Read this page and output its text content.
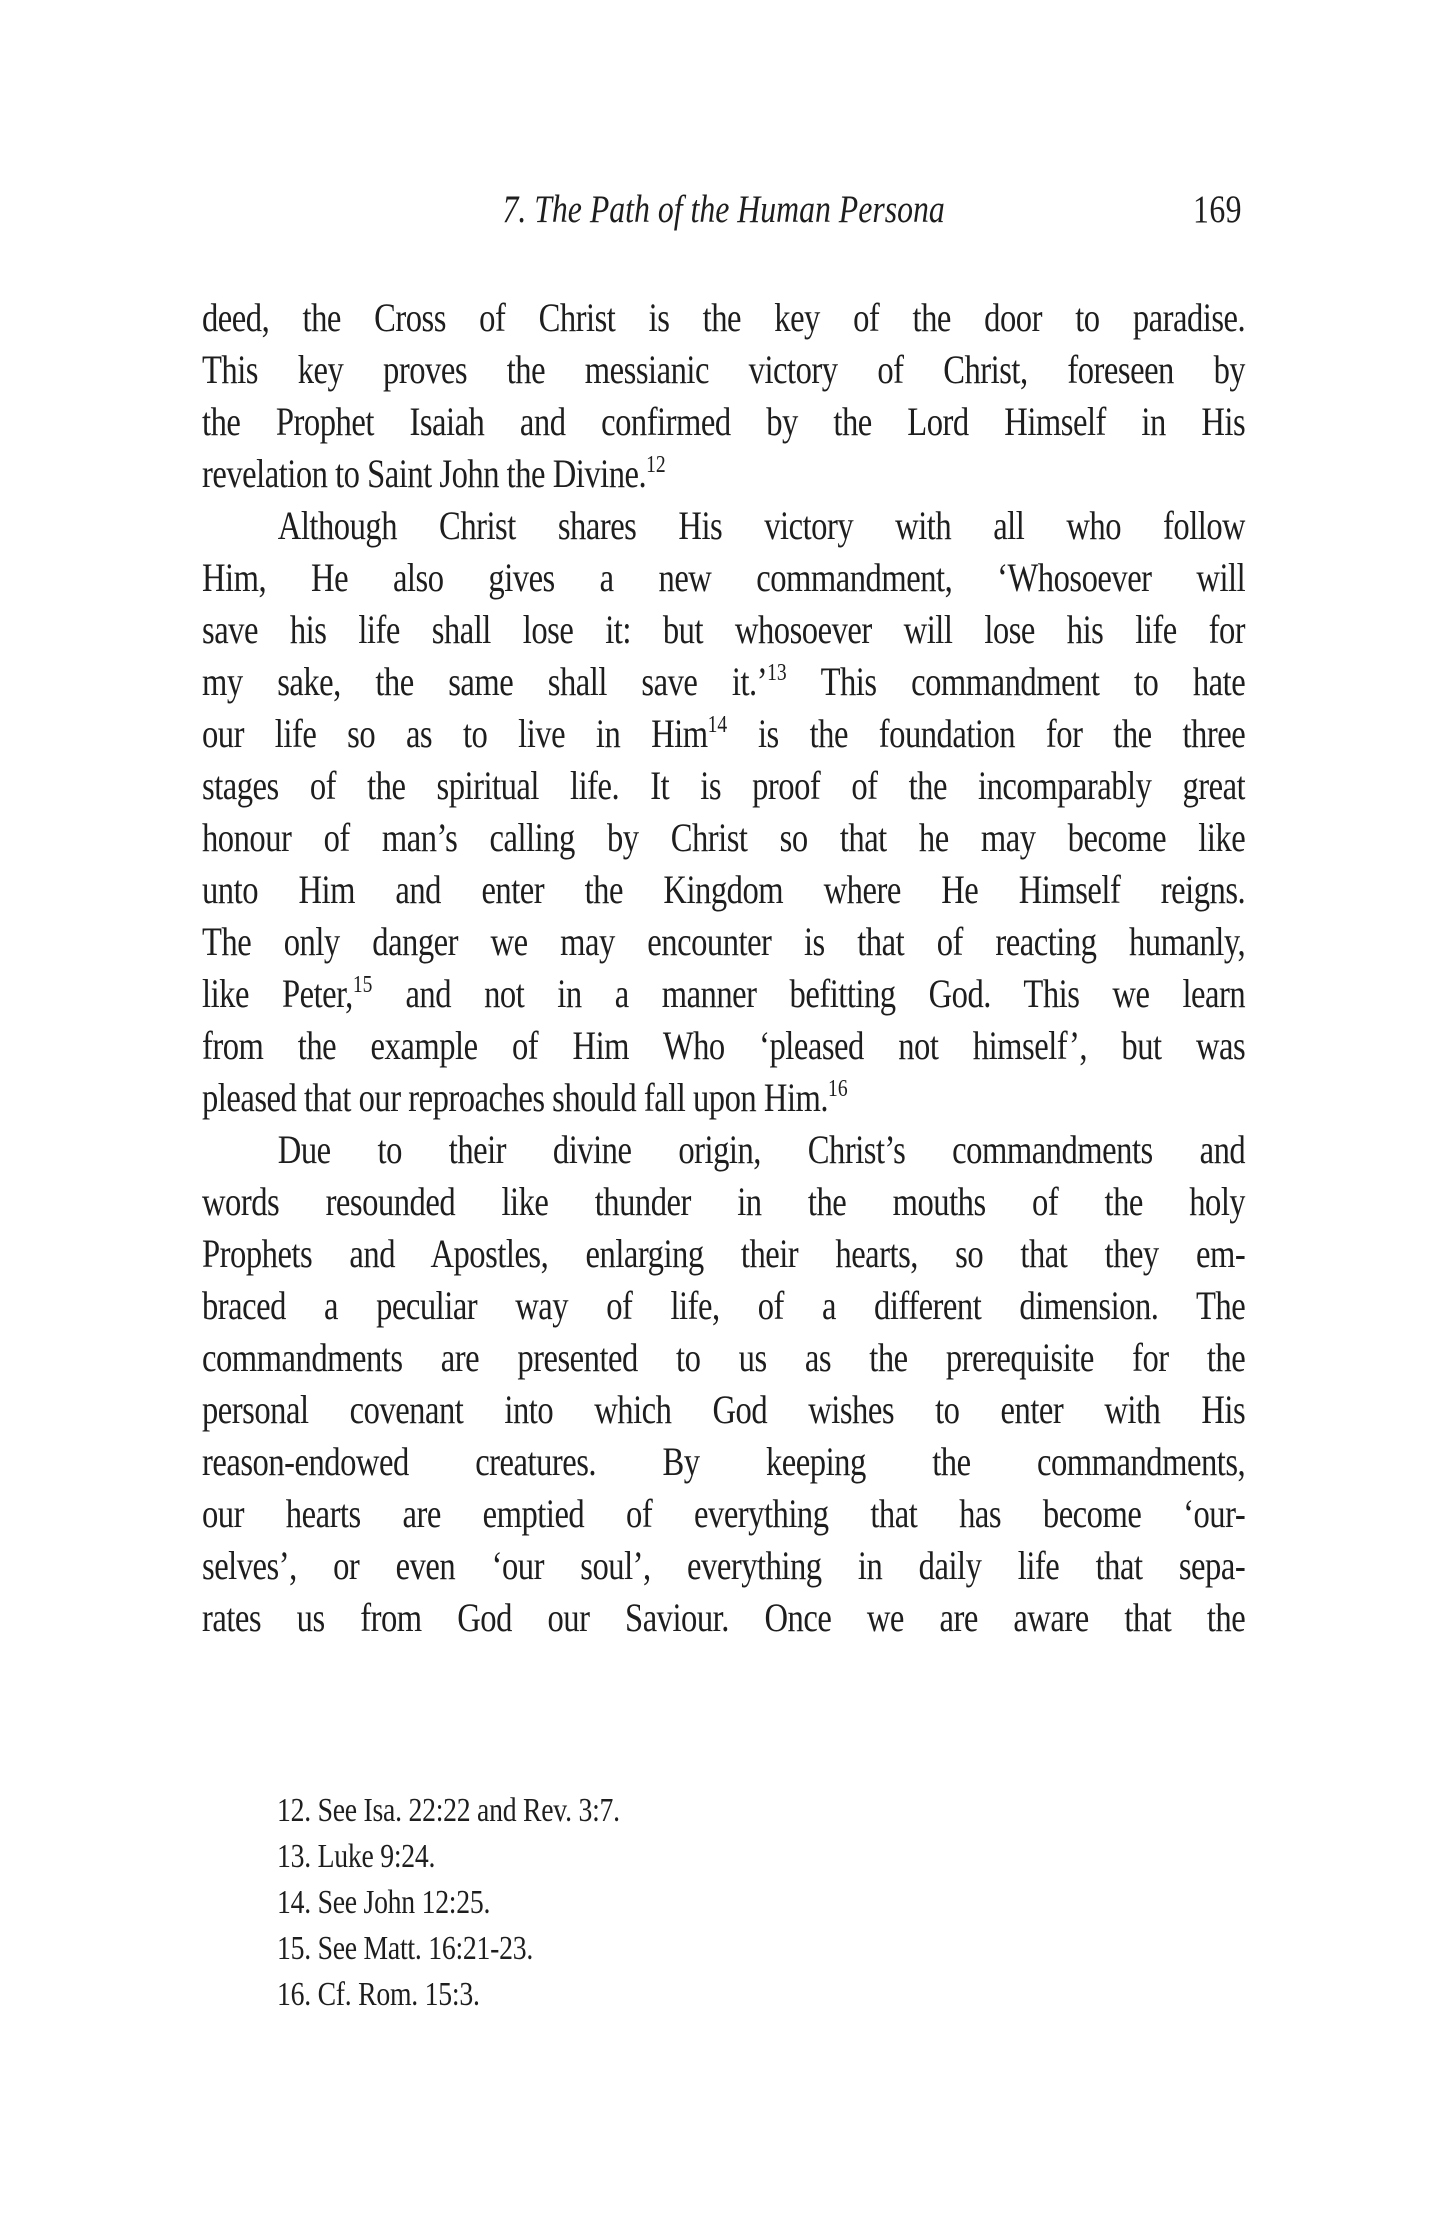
7. The Path of the Human Persona	169
deed, the Cross of Christ is the key of the door to paradise.
This key proves the messianic victory of Christ, foreseen by
the Prophet Isaiah and confirmed by the Lord Himself in His
revelation to Saint John the Divine.$^{12}$
Although Christ shares His victory with all who follow
Him, He also gives a new commandment, ‘Whosoever will
save his life shall lose it: but whosoever will lose his life for
my sake, the same shall save it.’$^{13}$ This commandment to hate
our life so as to live in Him$^{14}$ is the foundation for the three
stages of the spiritual life. It is proof of the incomparably great
honour of man’s calling by Christ so that he may become like
unto Him and enter the Kingdom where He Himself reigns.
The only danger we may encounter is that of reacting humanly,
like Peter,$^{15}$ and not in a manner befitting God. This we learn
from the example of Him Who ‘pleased not himself’, but was
pleased that our reproaches should fall upon Him.$^{16}$
Due to their divine origin, Christ’s commandments and
words resounded like thunder in the mouths of the holy
Prophets and Apostles, enlarging their hearts, so that they em-
braced a peculiar way of life, of a different dimension. The
commandments are presented to us as the prerequisite for the
personal covenant into which God wishes to enter with His
reason-endowed creatures. By keeping the commandments,
our hearts are emptied of everything that has become ‘our-
selves’, or even ‘our soul’, everything in daily life that sepa-
rates us from God our Saviour. Once we are aware that the
12. See Isa. 22:22 and Rev. 3:7.
13. Luke 9:24.
14. See John 12:25.
15. See Matt. 16:21-23.
16. Cf. Rom. 15:3.
